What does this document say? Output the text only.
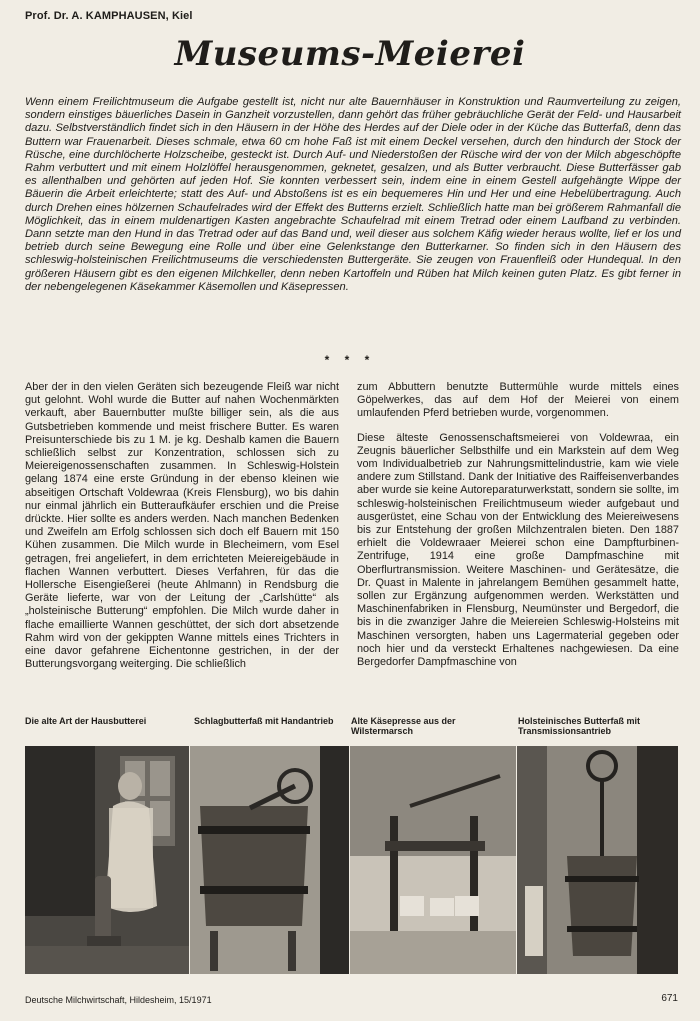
Prof. Dr. A. KAMPHAUSEN, Kiel
Museums-Meierei
Wenn einem Freilichtmuseum die Aufgabe gestellt ist, nicht nur alte Bauernhäuser in Konstruktion und Raumverteilung zu zeigen, sondern einstiges bäuerliches Dasein in Ganzheit vorzustellen, dann gehört das früher gebräuchliche Gerät der Feld- und Hausarbeit dazu. Selbstverständlich findet sich in den Häusern in der Höhe des Herdes auf der Diele oder in der Küche das Butterfaß, denn das Buttern war Frauenarbeit. Dieses schmale, etwa 60 cm hohe Faß ist mit einem Deckel versehen, durch den hindurch der Stock der Rüsche, eine durchlöcherte Holzscheibe, gesteckt ist. Durch Auf- und Niederstoßen der Rüsche wird der von der Milch abgeschöpfte Rahm verbuttert und mit einem Holzlöffel herausgenommen, geknetet, gesalzen, und als Butter verbraucht. Diese Butterfässer gab es allenthalben und gehörten auf jeden Hof. Sie konnten verbessert sein, indem eine in einem Gestell aufgehängte Wippe der Bäuerin die Arbeit erleichterte; statt des Auf- und Abstoßens ist es ein bequemeres Hin und Her und eine Hebelübertragung. Auch durch Drehen eines hölzernen Schaufelrades wird der Effekt des Butterns erzielt. Schließlich hatte man bei größerem Rahmanfall die Möglichkeit, das in einem muldenartigen Kasten angebrachte Schaufelrad mit einem Tretrad oder einem Laufband zu verbinden. Dann setzte man den Hund in das Tretrad oder auf das Band und, weil dieser aus solchem Käfig wieder heraus wollte, lief er los und betrieb durch seine Bewegung eine Rolle und über eine Gelenkstange den Butterkarner. So finden sich in den Häusern des schleswig-holsteinischen Freilichtmuseums die verschiedensten Buttergeräte. Sie zeugen von Frauenfleiß oder Hundequal. In den größeren Häusern gibt es den eigenen Milchkeller, denn neben Kartoffeln und Rüben hat Milch keinen guten Platz. Es gibt ferner in der nebengelegenen Käsekammer Käsemollen und Käsepressen.
* * *

Aber der in den vielen Geräten sich bezeugende Fleiß war nicht gut gelohnt. Wohl wurde die Butter auf nahen Wochenmärkten verkauft, aber Bauernbutter mußte billiger sein, als die aus Gutsbetrieben kommende und meist frischere Butter. Es waren Preisunterschiede bis zu 1 M. je kg. Deshalb kamen die Bauern schließlich selbst zur Konzentration, schlossen sich zu Meiereigenossenschaften zusammen. In Schleswig-Holstein gelang 1874 eine erste Gründung in der ebenso kleinen wie abseitigen Ortschaft Voldewraa (Kreis Flensburg), wo bis dahin nur einmal jährlich ein Butteraufkäufer erschien und die Preise drückte. Hier sollte es anders werden. Nach manchen Bedenken und Zweifeln am Erfolg schlossen sich doch elf Bauern mit 150 Kühen zusammen. Die Milch wurde in Blecheimern, vom Esel getragen, frei angeliefert, in dem errichteten Meiereigebäude in flachen Wannen verbuttert. Dieses Verfahren, für das die Hollersche Eisengießerei (heute Ahlmann) in Rendsburg die Geräte lieferte, war von der Leitung der „Carlshütte“ als „holsteinische Butterung“ empfohlen. Die Milch wurde daher in flache emaillierte Wannen geschüttet, der sich dort absetzende Rahm wird von der gekippten Wanne mittels eines Trichters in eine davor gefahrene Eichentonne gestrichen, in der der Butterungsvorgang weiterging. Die schließlich

zum Abbuttern benutzte Buttermühle wurde mittels eines Göpelwerkes, das auf dem Hof der Meierei von einem umlaufenden Pferd betrieben wurde, vorgenommen.

Diese älteste Genossenschaftsmeierei von Voldewraa, ein Zeugnis bäuerlicher Selbsthilfe und ein Markstein auf dem Weg vom Individualbetrieb zur Nahrungsmittelindustrie, kam wie viele andere zum Stillstand. Dank der Initiative des Raiffeisenverbandes aber wurde sie keine Autoreparaturwerkstatt, sondern sie sollte, im schleswig-holsteinischen Freilichtmuseum wieder aufgebaut und ausgerüstet, eine Schau von der Entwicklung des Meiereiwesens bis zur Entstehung der großen Milchzentralen bieten. Den 1887 erhielt die Voldewraaer Meierei schon eine Dampfturbinen-Zentrifuge, 1914 eine große Dampfmaschine mit Oberflurtransmission. Weitere Maschinen- und Gerätesätze, die Dr. Quast in Malente in jahrelangem Bemühen gesammelt hatte, sollen zur Ergänzung aufgenommen werden. Werkstätten und Maschinenfabriken in Flensburg, Neumünster und Bergedorf, die bis in die zwanziger Jahre die Meiereien Schleswig-Holsteins mit Maschinen versorgten, haben uns Lagermaterial gegeben oder noch hier und da versteckt Erhaltenes nachgewiesen. Da eine Bergedorfer Dampfmaschine von

Die alte Art der Hausbutterei	Schlagbutterfaß mit Handantrieb	Alte Käsepresse aus der Wilstermarsch
Holsteinisches Butterfaß mit Transmissionsantrieb
Deutsche Milchwirtschaft, Hildesheim, 15/1971	671
